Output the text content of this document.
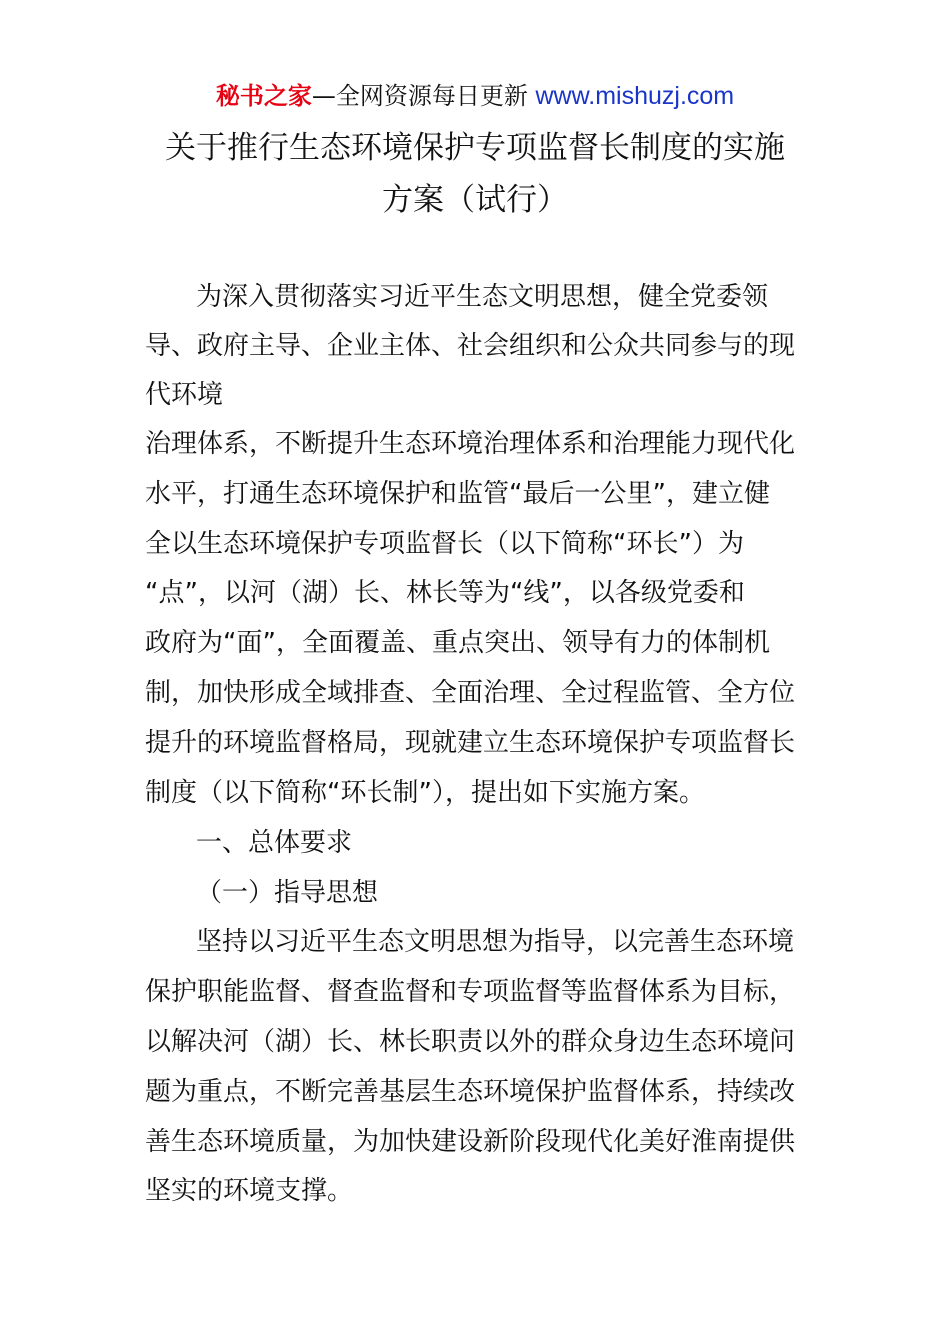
秘书之家—全网资源每日更新 www.mishuzj.com
关于推行生态环境保护专项监督长制度的实施
方案（试行）
为深入贯彻落实习近平生态文明思想，健全党委领
导、政府主导、企业主体、社会组织和公众共同参与的现
代环境
治理体系，不断提升生态环境治理体系和治理能力现代化
水平，打通生态环境保护和监管“最后一公里”，建立健
全以生态环境保护专项监督长（以下简称“环长”）为
“点”，以河（湖）长、林长等为“线”，以各级党委和
政府为“面”，全面覆盖、重点突出、领导有力的体制机
制，加快形成全域排查、全面治理、全过程监管、全方位
提升的环境监督格局，现就建立生态环境保护专项监督长
制度（以下简称“环长制”），提出如下实施方案。
一、总体要求
（一）指导思想
坚持以习近平生态文明思想为指导，以完善生态环境
保护职能监督、督查监督和专项监督等监督体系为目标，
以解决河（湖）长、林长职责以外的群众身边生态环境问
题为重点，不断完善基层生态环境保护监督体系，持续改
善生态环境质量，为加快建设新阶段现代化美好淮南提供
坚实的环境支撑。
